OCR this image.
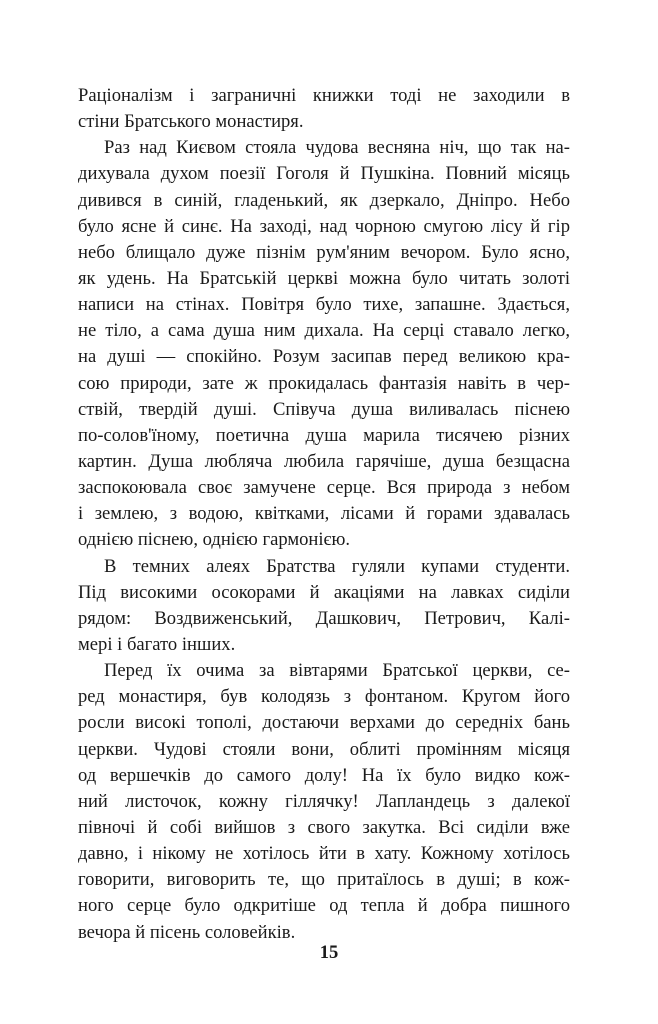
Раціоналізм і заграничні книжки тоді не заходили в
стіни Братського монастиря.
Раз над Києвом стояла чудова весняна ніч, що так на-
дихувала духом поезії Гоголя й Пушкіна. Повний місяць
дивився в синій, гладенький, як дзеркало, Дніпро. Небо
було ясне й синє. На заході, над чорною смугою лісу й гір
небо блищало дуже пізнім рум'яним вечором. Було ясно,
як удень. На Братській церкві можна було читать золоті
написи на стінах. Повітря було тихе, запашне. Здається,
не тіло, а сама душа ним дихала. На серці ставало легко,
на душі — спокійно. Розум засипав перед великою кра-
сою природи, зате ж прокидалась фантазія навіть в чер-
ствій, твердій душі. Співуча душа виливалась піснею
по-солов'їному, поетична душа марила тисячею різних
картин. Душа любляча любила гарячіше, душа безщасна
заспокоювала своє замучене серце. Вся природа з небом
і землею, з водою, квітками, лісами й горами здавалась
однією піснею, однією гармонією.
В темних алеях Братства гуляли купами студенти.
Під високими осокорами й акаціями на лавках сиділи
рядом: Воздвиженський, Дашкович, Петрович, Калі-
мері і багато інших.
Перед їх очима за вівтарями Братської церкви, се-
ред монастиря, був колодязь з фонтаном. Кругом його
росли високі тополі, достаючи верхами до середніх бань
церкви. Чудові стояли вони, облиті промінням місяця
од вершечків до самого долу! На їх було видко кож-
ний листочок, кожну гіллячку! Лапландець з далекої
півночі й собі вийшов з свого закутка. Всі сиділи вже
давно, і нікому не хотілось йти в хату. Кожному хотілось
говорити, виговорить те, що притаїлось в душі; в кож-
ного серце було одкритіше од тепла й добра пишного
вечора й пісень соловейків.
15
